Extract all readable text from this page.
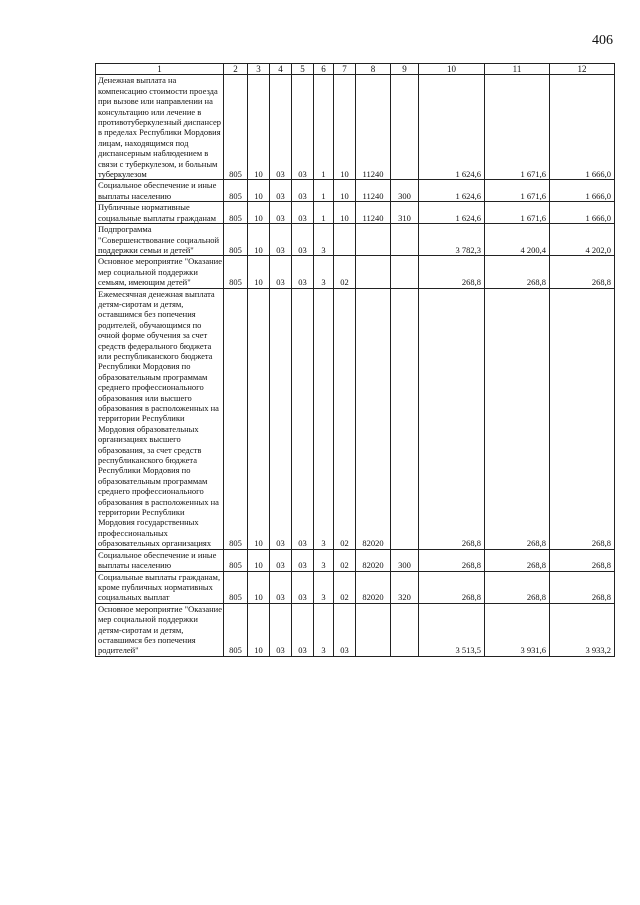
406
1	2	3	4	5	6	7	8	9	10	11	12
Денежная выплата на компенсацию стоимости проезда при вызове или направлении на консультацию или лечение в противотуберкулезный диспансер в пределах Республики Мордовия лицам, находящимся под диспансерным наблюдением в связи с туберкулезом, и больным туберкулезом	805	10	03	03	1	10	11240		1 624,6	1 671,6	1 666,0
Социальное обеспечение и иные выплаты населению	805	10	03	03	1	10	11240	300	1 624,6	1 671,6	1 666,0
Публичные нормативные социальные выплаты гражданам	805	10	03	03	1	10	11240	310	1 624,6	1 671,6	1 666,0
Подпрограмма "Совершенствование социальной поддержки семьи и детей"	805	10	03	03	3				3 782,3	4 200,4	4 202,0
Основное мероприятие "Оказание мер социальной поддержки семьям, имеющим детей"	805	10	03	03	3	02			268,8	268,8	268,8
Ежемесячная денежная выплата детям-сиротам и детям, оставшимся без попечения родителей, обучающимся по очной форме обучения за счет средств федерального бюджета или республиканского бюджета Республики Мордовия по образовательным программам среднего профессионального образования или высшего образования в расположенных на территории Республики Мордовия образовательных организациях высшего образования, за счет средств республиканского бюджета Республики Мордовия по образовательным программам среднего профессионального образования в расположенных на территории Республики Мордовия государственных профессиональных образовательных организациях	805	10	03	03	3	02	82020		268,8	268,8	268,8
Социальное обеспечение и иные выплаты населению	805	10	03	03	3	02	82020	300	268,8	268,8	268,8
Социальные выплаты гражданам, кроме публичных нормативных социальных выплат	805	10	03	03	3	02	82020	320	268,8	268,8	268,8
Основное мероприятие "Оказание мер социальной поддержки детям-сиротам и детям, оставшимся без попечения родителей"	805	10	03	03	3	03			3 513,5	3 931,6	3 933,2
